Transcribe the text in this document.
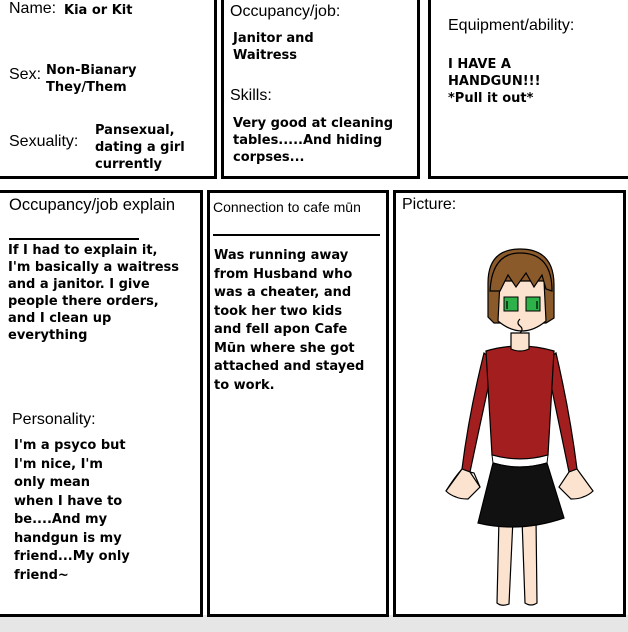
Name: Kia or Kit
Sex: Non-Bianary
They/Them
Sexuality:
Pansexual,
dating a girl
currently
Occupancy/job:
Janitor and
Waitress
Skills:
Very good at cleaning
tables.....And hiding
corpses...
Equipment/ability:
I HAVE A
HANDGUN!!!
*Pull it out*
Occupancy/job explain
If I had to explain it,
I'm basically a waitress
and a janitor. I give
people there orders,
and I clean up
everything
Personality:
I'm a psyco but
I'm nice, I'm
only mean
when I have to
be....And my
handgun is my
friend...My only
friend~
Connection to cafe mūn
Was running away
from Husband who
was a cheater, and
took her two kids
and fell apon Cafe
Mūn where she got
attached and stayed
to work.
Picture:
